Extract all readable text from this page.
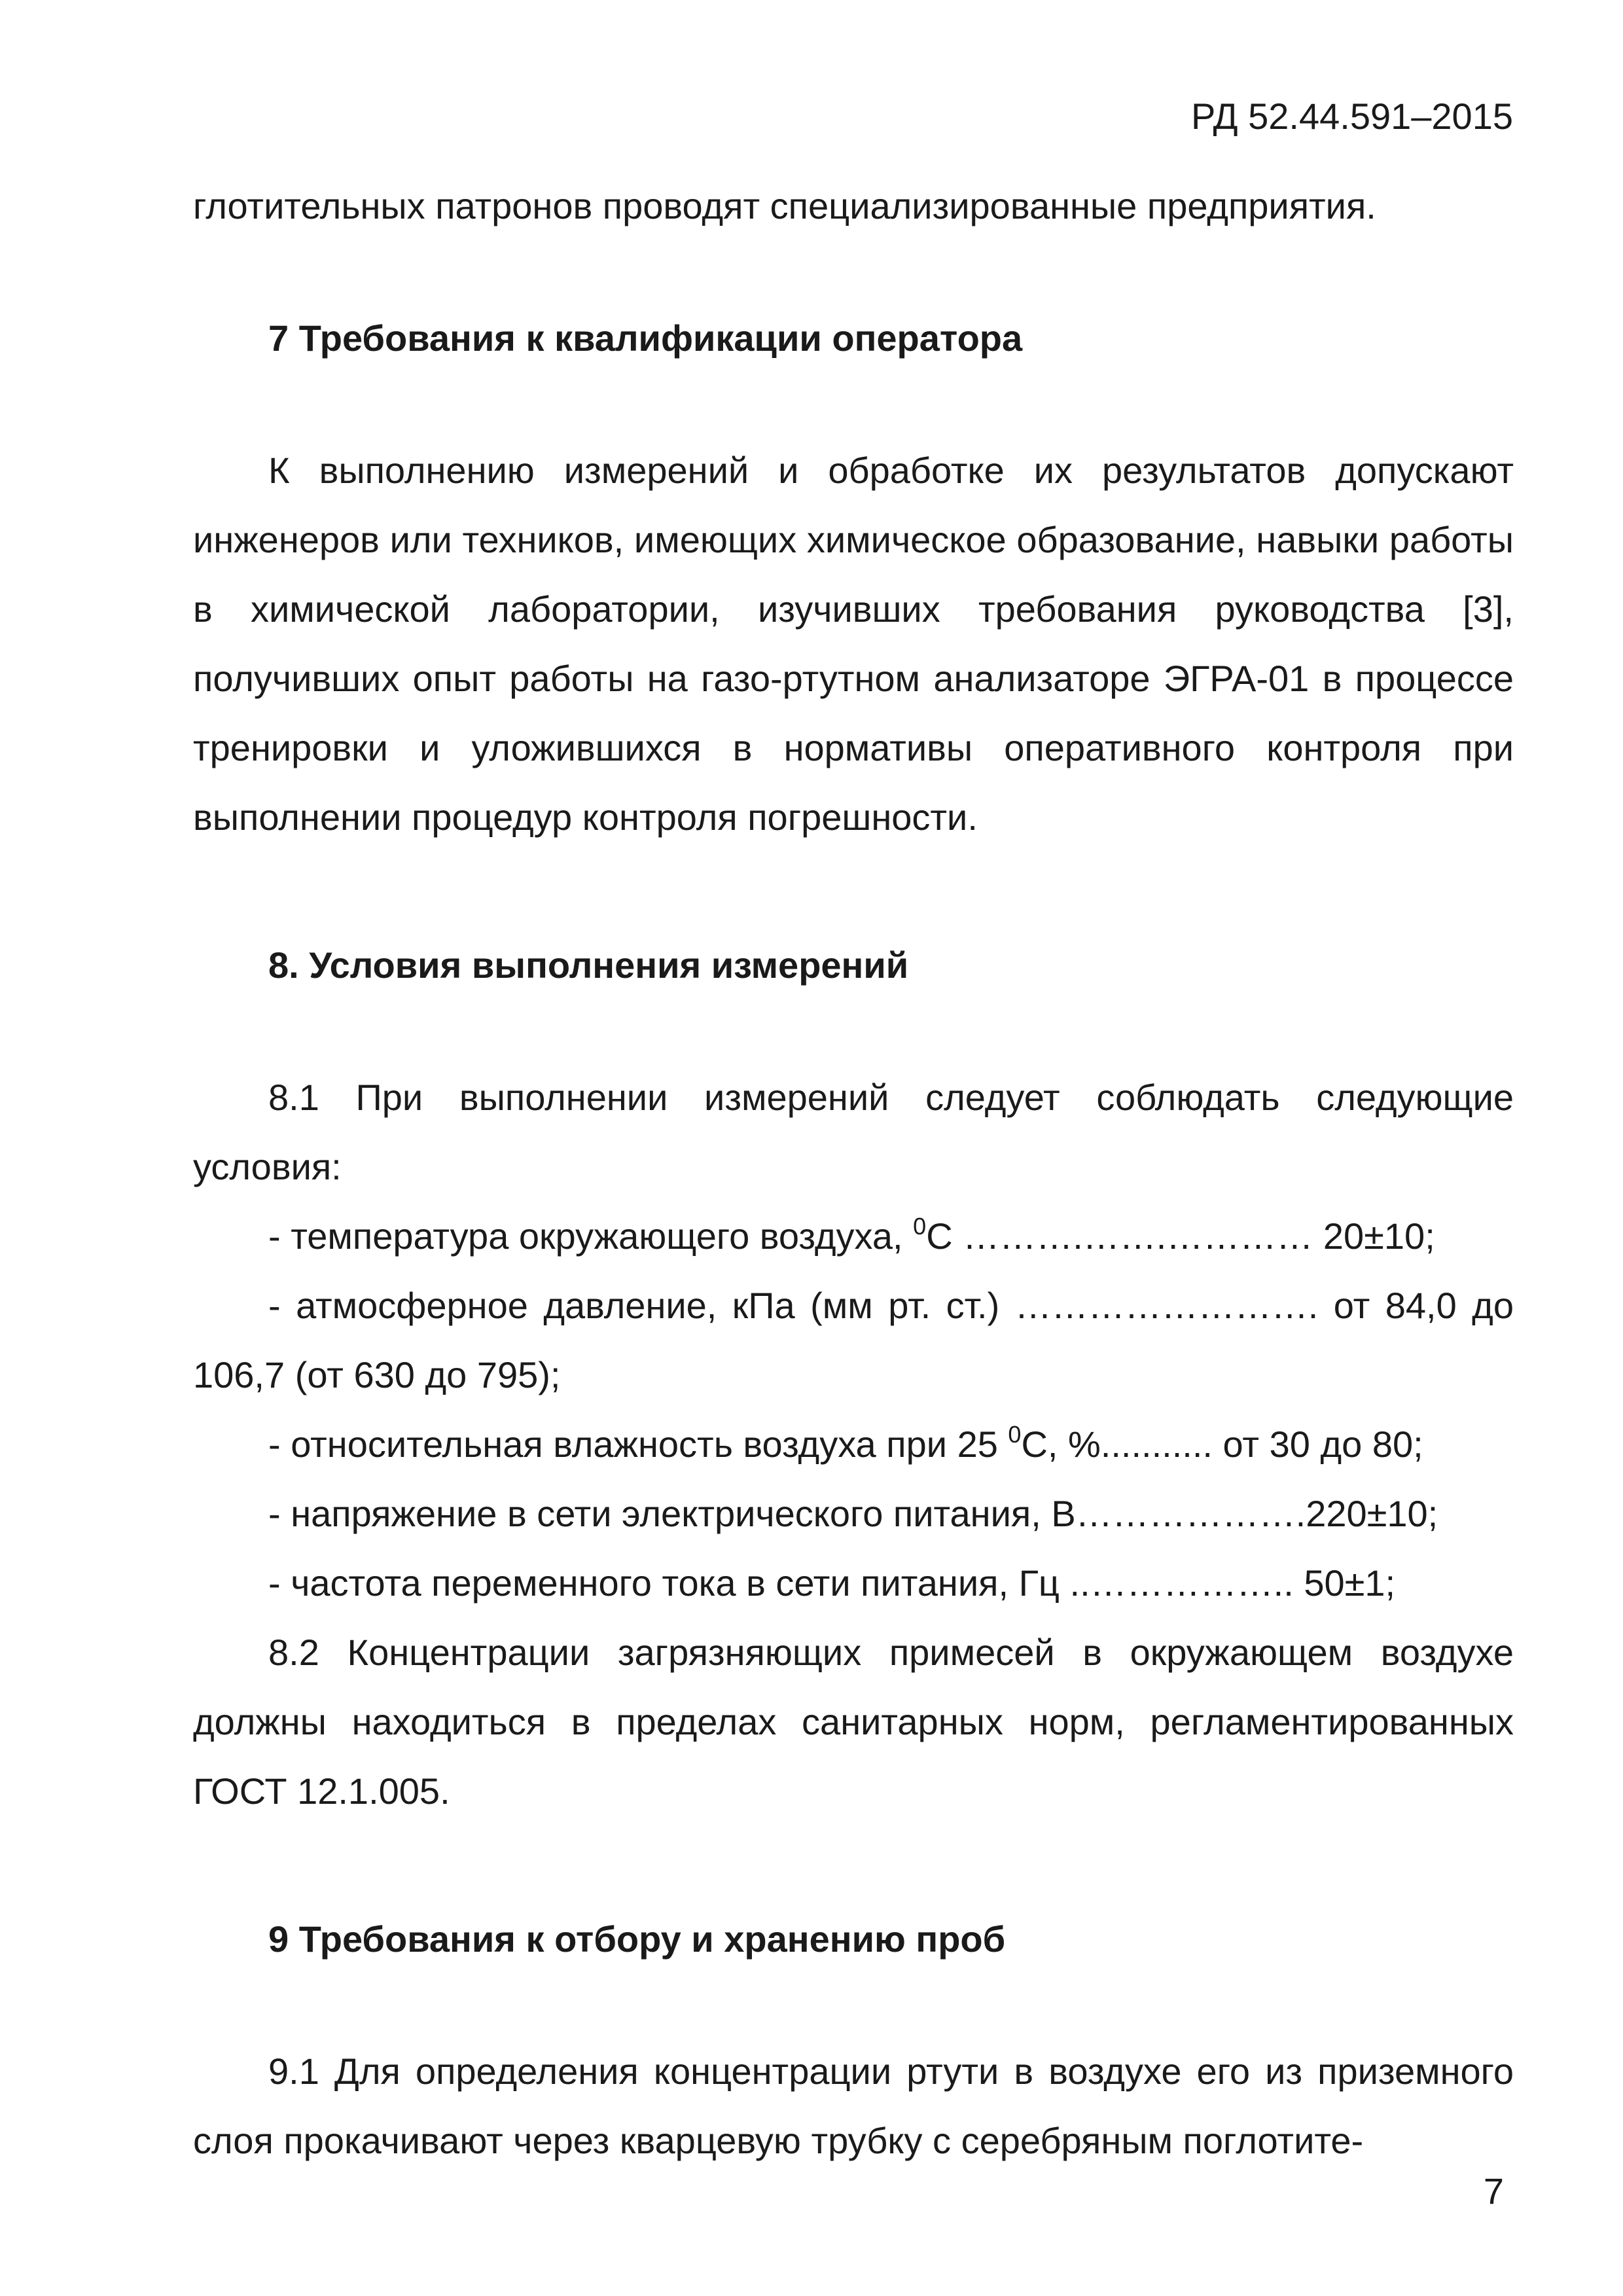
РД 52.44.591–2015

глотительных патронов проводят специализированные предприятия.

7 Требования к квалификации оператора

К выполнению измерений и обработке их результатов допускают инженеров или техников, имеющих химическое образование, навыки работы в химической лаборатории, изучивших требования руководства [3], получивших опыт работы на газо-ртутном анализаторе ЭГРА-01 в процессе тренировки и уложившихся в нормативы оперативного контроля при выполнении процедур контроля погрешности.

8. Условия выполнения измерений

8.1 При выполнении измерений следует соблюдать следующие условия:

- температура окружающего воздуха, $^0$С ……….…….………… 20±10;

- атмосферное давление, кПа (мм рт. ст.) ……………………. от 84,0 до 106,7 (от 630 до 795);

- относительная влажность воздуха при 25 $^0$С, %........... от 30 до 80;

- напряжение в сети электрического питания, В……………….220±10;

- частота переменного тока в сети питания, Гц ..…………….. 50±1;

8.2 Концентрации загрязняющих примесей в окружающем воздухе должны находиться в пределах санитарных норм, регламентированных ГОСТ 12.1.005.

9 Требования к отбору и хранению проб

9.1 Для определения концентрации ртути в воздухе его из приземного слоя прокачивают через кварцевую трубку с серебряным поглотите-

7
